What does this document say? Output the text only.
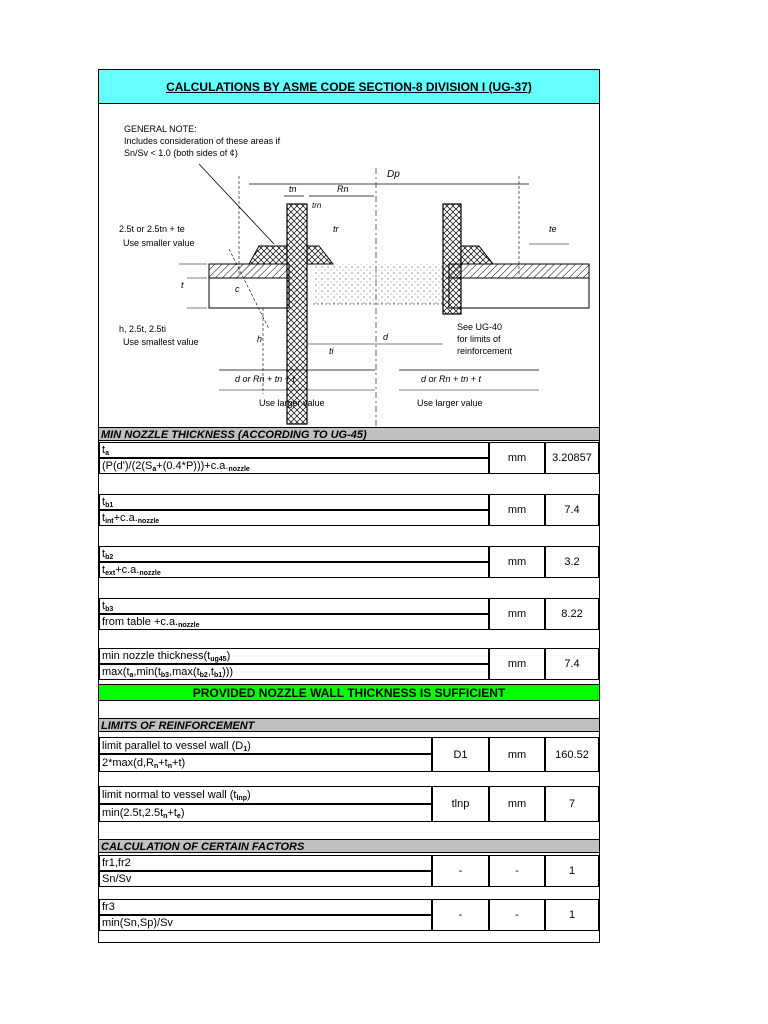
CALCULATIONS BY ASME CODE SECTION-8 DIVISION I (UG-37)
GENERAL NOTE:
Includes consideration of these areas if
Sn/Sv < 1.0 (both sides of ¢)
Dp
tn	Rn
trn
te
tr
2.5t or 2.5tn + te
Use smaller value
t	c
h, 2.5t, 2.5ti
Use smallest value	h
ti
d
See UG-40
for limits of
reinforcement
d or Rn + tn + t	d or Rn + tn + t
Use larger value	Use larger value
MIN NOZZLE THICKNESS (ACCORDING TO UG-45)
$t_a$
($P(d')/(2(S_a+(0.4*P)))+c.a._{nozzle}$
mm	3.20857
$t_{b1}$
$t_{int}+c.a._{nozzle}$
mm	7.4
$t_{b2}$
$t_{ext}+c.a._{nozzle}$
mm	3.2
$t_{b3}$
from table $+c.a._{nozzle}$
mm	8.22
min nozzle $thickness(t_{ug45})$
$\max(t_a,\min(t_{b3},\max(t_{b2},t_{b1})))$
mm	7.4
PROVIDED NOZZLE WALL THICKNESS IS SUFFICIENT
LIMITS OF REINFORCEMENT
limit parallel to vessel wall $(D_1)$
$2*\max(d,R_n+t_n+t)$
D1	mm	160.52
limit normal to vessel wall $(t_{lnp})$
$\min(2.5t,2.5t_n+t_e)$
tlnp	mm	7
CALCULATION OF CERTAIN FACTORS
fr1,fr2
Sn/Sv
-	-	1
fr3
min(Sn,Sp)/Sv
-	-	1
